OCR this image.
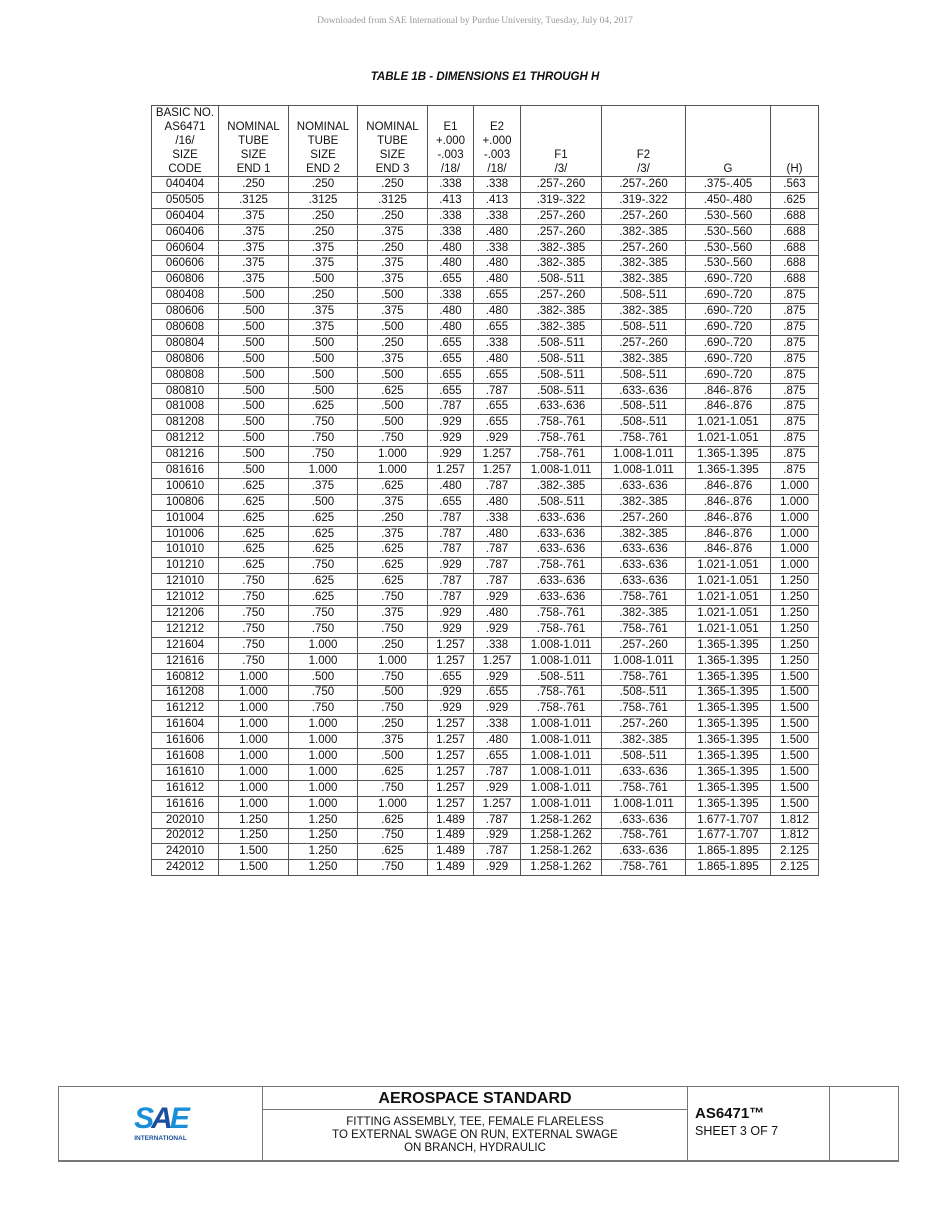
Downloaded from SAE International by Purdue University, Tuesday, July 04, 2017
TABLE 1B - DIMENSIONS E1 THROUGH H
BASIC NO.
AS6471
/16/
SIZE
CODE	NOMINAL
TUBE
SIZE
END 1	NOMINAL
TUBE
SIZE
END 2	NOMINAL
TUBE
SIZE
END 3	E1
+.000
-.003
/18/	E2
+.000
-.003
/18/	F1
/3/	F2
/3/	G	(H)
040404	.250	.250	.250	.338	.338	.257-.260	.257-.260	.375-.405	.563
050505	.3125	.3125	.3125	.413	.413	.319-.322	.319-.322	.450-.480	.625
060404	.375	.250	.250	.338	.338	.257-.260	.257-.260	.530-.560	.688
060406	.375	.250	.375	.338	.480	.257-.260	.382-.385	.530-.560	.688
060604	.375	.375	.250	.480	.338	.382-.385	.257-.260	.530-.560	.688
060606	.375	.375	.375	.480	.480	.382-.385	.382-.385	.530-.560	.688
060806	.375	.500	.375	.655	.480	.508-.511	.382-.385	.690-.720	.688
080408	.500	.250	.500	.338	.655	.257-.260	.508-.511	.690-.720	.875
080606	.500	.375	.375	.480	.480	.382-.385	.382-.385	.690-.720	.875
080608	.500	.375	.500	.480	.655	.382-.385	.508-.511	.690-.720	.875
080804	.500	.500	.250	.655	.338	.508-.511	.257-.260	.690-.720	.875
080806	.500	.500	.375	.655	.480	.508-.511	.382-.385	.690-.720	.875
080808	.500	.500	.500	.655	.655	.508-.511	.508-.511	.690-.720	.875
080810	.500	.500	.625	.655	.787	.508-.511	.633-.636	.846-.876	.875
081008	.500	.625	.500	.787	.655	.633-.636	.508-.511	.846-.876	.875
081208	.500	.750	.500	.929	.655	.758-.761	.508-.511	1.021-1.051	.875
081212	.500	.750	.750	.929	.929	.758-.761	.758-.761	1.021-1.051	.875
081216	.500	.750	1.000	.929	1.257	.758-.761	1.008-1.011	1.365-1.395	.875
081616	.500	1.000	1.000	1.257	1.257	1.008-1.011	1.008-1.011	1.365-1.395	.875
100610	.625	.375	.625	.480	.787	.382-.385	.633-.636	.846-.876	1.000
100806	.625	.500	.375	.655	.480	.508-.511	.382-.385	.846-.876	1.000
101004	.625	.625	.250	.787	.338	.633-.636	.257-.260	.846-.876	1.000
101006	.625	.625	.375	.787	.480	.633-.636	.382-.385	.846-.876	1.000
101010	.625	.625	.625	.787	.787	.633-.636	.633-.636	.846-.876	1.000
101210	.625	.750	.625	.929	.787	.758-.761	.633-.636	1.021-1.051	1.000
121010	.750	.625	.625	.787	.787	.633-.636	.633-.636	1.021-1.051	1.250
121012	.750	.625	.750	.787	.929	.633-.636	.758-.761	1.021-1.051	1.250
121206	.750	.750	.375	.929	.480	.758-.761	.382-.385	1.021-1.051	1.250
121212	.750	.750	.750	.929	.929	.758-.761	.758-.761	1.021-1.051	1.250
121604	.750	1.000	.250	1.257	.338	1.008-1.011	.257-.260	1.365-1.395	1.250
121616	.750	1.000	1.000	1.257	1.257	1.008-1.011	1.008-1.011	1.365-1.395	1.250
160812	1.000	.500	.750	.655	.929	.508-.511	.758-.761	1.365-1.395	1.500
161208	1.000	.750	.500	.929	.655	.758-.761	.508-.511	1.365-1.395	1.500
161212	1.000	.750	.750	.929	.929	.758-.761	.758-.761	1.365-1.395	1.500
161604	1.000	1.000	.250	1.257	.338	1.008-1.011	.257-.260	1.365-1.395	1.500
161606	1.000	1.000	.375	1.257	.480	1.008-1.011	.382-.385	1.365-1.395	1.500
161608	1.000	1.000	.500	1.257	.655	1.008-1.011	.508-.511	1.365-1.395	1.500
161610	1.000	1.000	.625	1.257	.787	1.008-1.011	.633-.636	1.365-1.395	1.500
161612	1.000	1.000	.750	1.257	.929	1.008-1.011	.758-.761	1.365-1.395	1.500
161616	1.000	1.000	1.000	1.257	1.257	1.008-1.011	1.008-1.011	1.365-1.395	1.500
202010	1.250	1.250	.625	1.489	.787	1.258-1.262	.633-.636	1.677-1.707	1.812
202012	1.250	1.250	.750	1.489	.929	1.258-1.262	.758-.761	1.677-1.707	1.812
242010	1.500	1.250	.625	1.489	.787	1.258-1.262	.633-.636	1.865-1.895	2.125
242012	1.500	1.250	.750	1.489	.929	1.258-1.262	.758-.761	1.865-1.895	2.125
SAE
INTERNATIONAL
AEROSPACE STANDARD
FITTING ASSEMBLY, TEE, FEMALE FLARELESS
TO EXTERNAL SWAGE ON RUN, EXTERNAL SWAGE
ON BRANCH, HYDRAULIC
AS6471™
SHEET 3 OF 7
